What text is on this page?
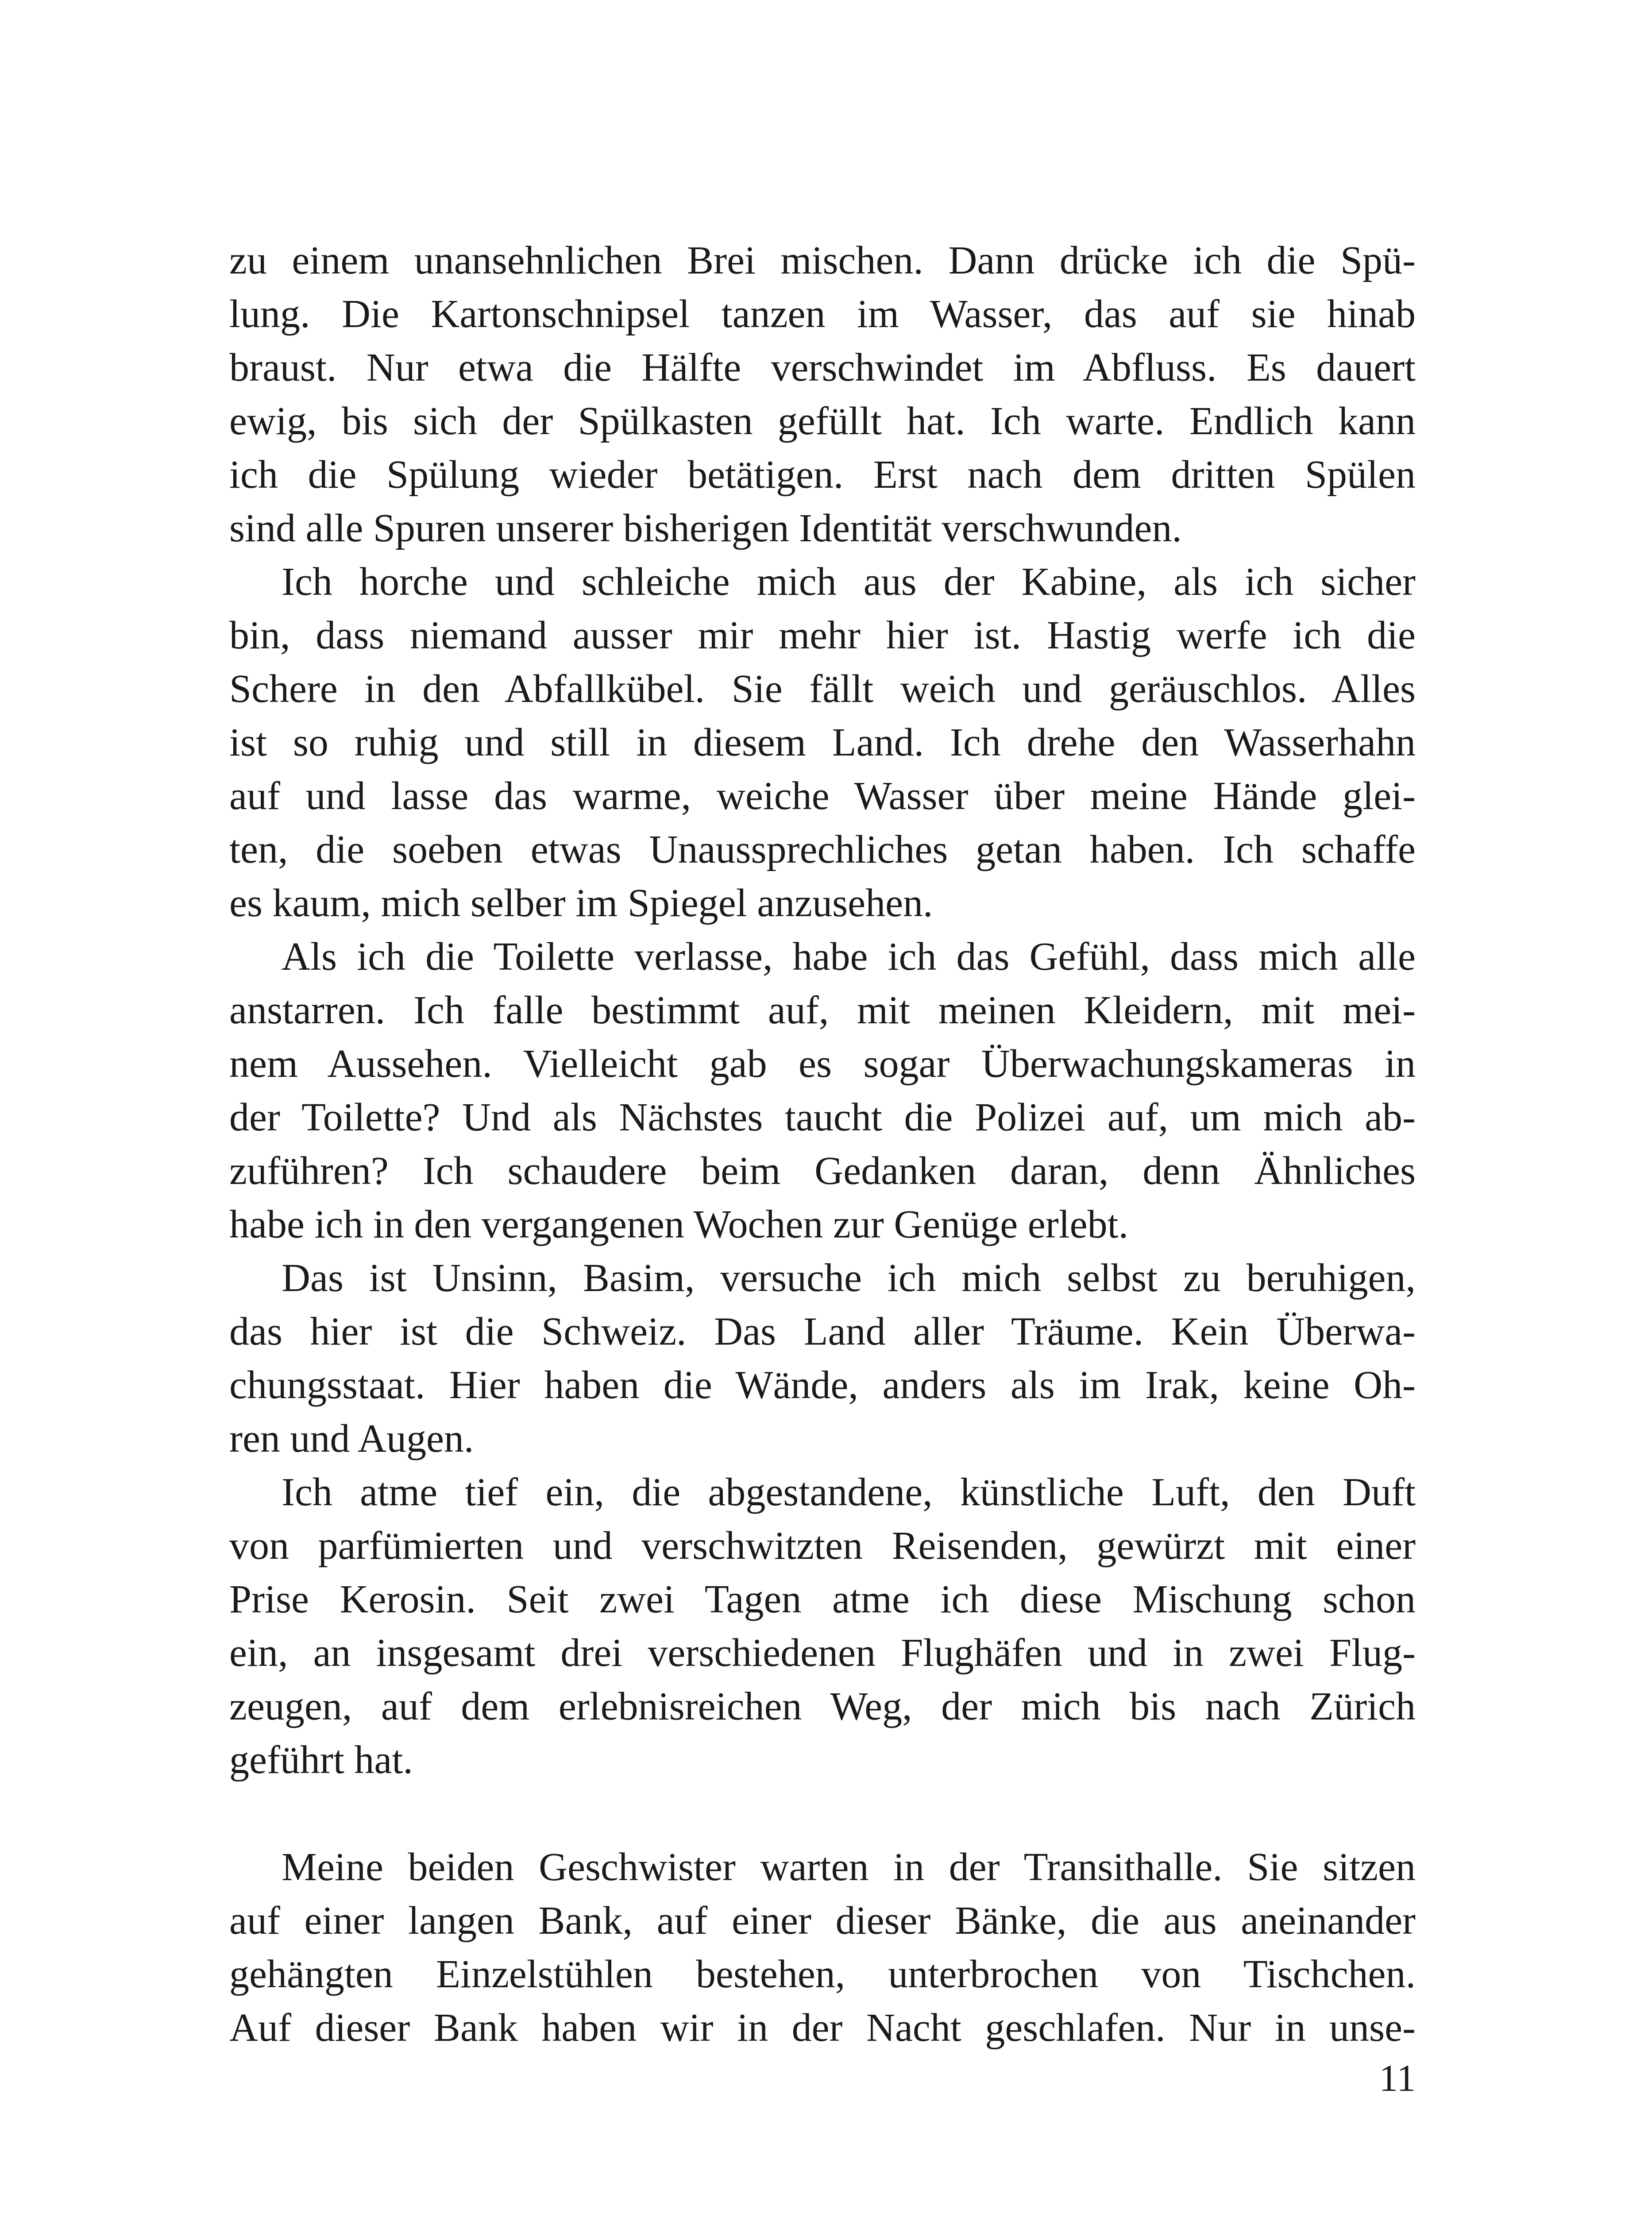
zu einem unansehnlichen Brei mischen. Dann drücke ich die Spü-
lung. Die Kartonschnipsel tanzen im Wasser, das auf sie hinab
braust. Nur etwa die Hälfte verschwindet im Abfluss. Es dauert
ewig, bis sich der Spülkasten gefüllt hat. Ich warte. Endlich kann
ich die Spülung wieder betätigen. Erst nach dem dritten Spülen
sind alle Spuren unserer bisherigen Identität verschwunden.
Ich horche und schleiche mich aus der Kabine, als ich sicher
bin, dass niemand ausser mir mehr hier ist. Hastig werfe ich die
Schere in den Abfallkübel. Sie fällt weich und geräuschlos. Alles
ist so ruhig und still in diesem Land. Ich drehe den Wasserhahn
auf und lasse das warme, weiche Wasser über meine Hände glei-
ten, die soeben etwas Unaussprechliches getan haben. Ich schaffe
es kaum, mich selber im Spiegel anzusehen.
Als ich die Toilette verlasse, habe ich das Gefühl, dass mich alle
anstarren. Ich falle bestimmt auf, mit meinen Kleidern, mit mei-
nem Aussehen. Vielleicht gab es sogar Überwachungskameras in
der Toilette? Und als Nächstes taucht die Polizei auf, um mich ab-
zuführen? Ich schaudere beim Gedanken daran, denn Ähnliches
habe ich in den vergangenen Wochen zur Genüge erlebt.
Das ist Unsinn, Basim, versuche ich mich selbst zu beruhigen,
das hier ist die Schweiz. Das Land aller Träume. Kein Überwa-
chungsstaat. Hier haben die Wände, anders als im Irak, keine Oh-
ren und Augen.
Ich atme tief ein, die abgestandene, künstliche Luft, den Duft
von parfümierten und verschwitzten Reisenden, gewürzt mit einer
Prise Kerosin. Seit zwei Tagen atme ich diese Mischung schon
ein, an insgesamt drei verschiedenen Flughäfen und in zwei Flug-
zeugen, auf dem erlebnisreichen Weg, der mich bis nach Zürich
geführt hat.
Meine beiden Geschwister warten in der Transithalle. Sie sitzen
auf einer langen Bank, auf einer dieser Bänke, die aus aneinander
gehängten Einzelstühlen bestehen, unterbrochen von Tischchen.
Auf dieser Bank haben wir in der Nacht geschlafen. Nur in unse-
11
